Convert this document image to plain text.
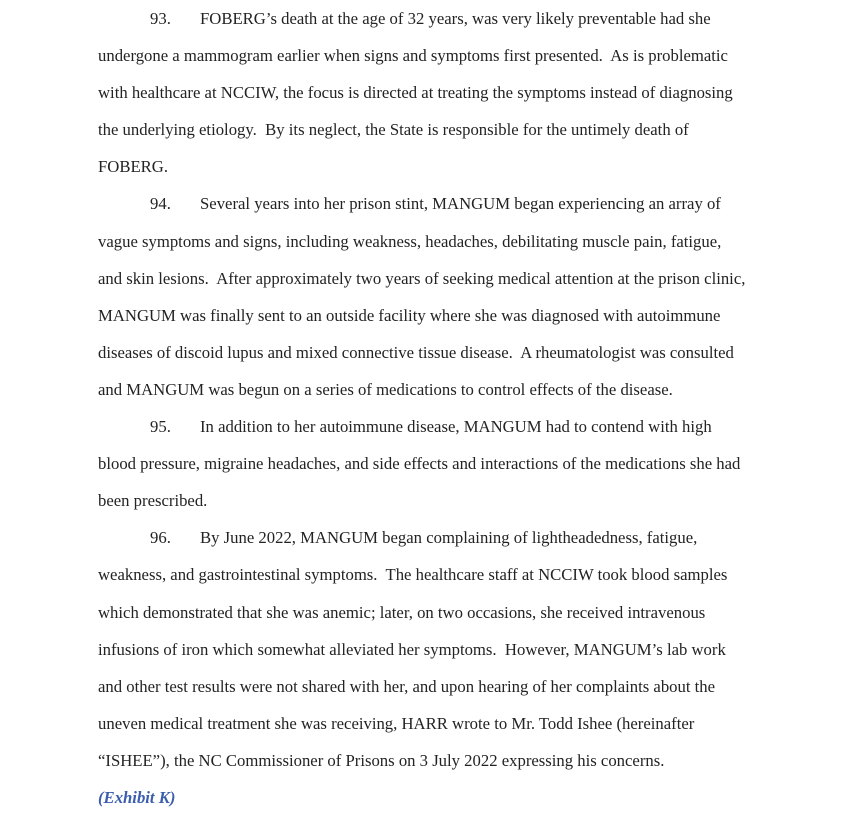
93. FOBERG’s death at the age of 32 years, was very likely preventable had she undergone a mammogram earlier when signs and symptoms first presented.  As is problematic with healthcare at NCCIW, the focus is directed at treating the symptoms instead of diagnosing the underlying etiology.  By its neglect, the State is responsible for the untimely death of FOBERG.

94. Several years into her prison stint, MANGUM began experiencing an array of vague symptoms and signs, including weakness, headaches, debilitating muscle pain, fatigue, and skin lesions.  After approximately two years of seeking medical attention at the prison clinic, MANGUM was finally sent to an outside facility where she was diagnosed with autoimmune diseases of discoid lupus and mixed connective tissue disease.  A rheumatologist was consulted and MANGUM was begun on a series of medications to control effects of the disease.

95. In addition to her autoimmune disease, MANGUM had to contend with high blood pressure, migraine headaches, and side effects and interactions of the medications she had been prescribed.

96. By June 2022, MANGUM began complaining of lightheadedness, fatigue, weakness, and gastrointestinal symptoms.  The healthcare staff at NCCIW took blood samples which demonstrated that she was anemic; later, on two occasions, she received intravenous infusions of iron which somewhat alleviated her symptoms.  However, MANGUM’s lab work and other test results were not shared with her, and upon hearing of her complaints about the uneven medical treatment she was receiving, HARR wrote to Mr. Todd Ishee (hereinafter “ISHEE”), the NC Commissioner of Prisons on 3 July 2022 expressing his concerns.

(Exhibit K)
